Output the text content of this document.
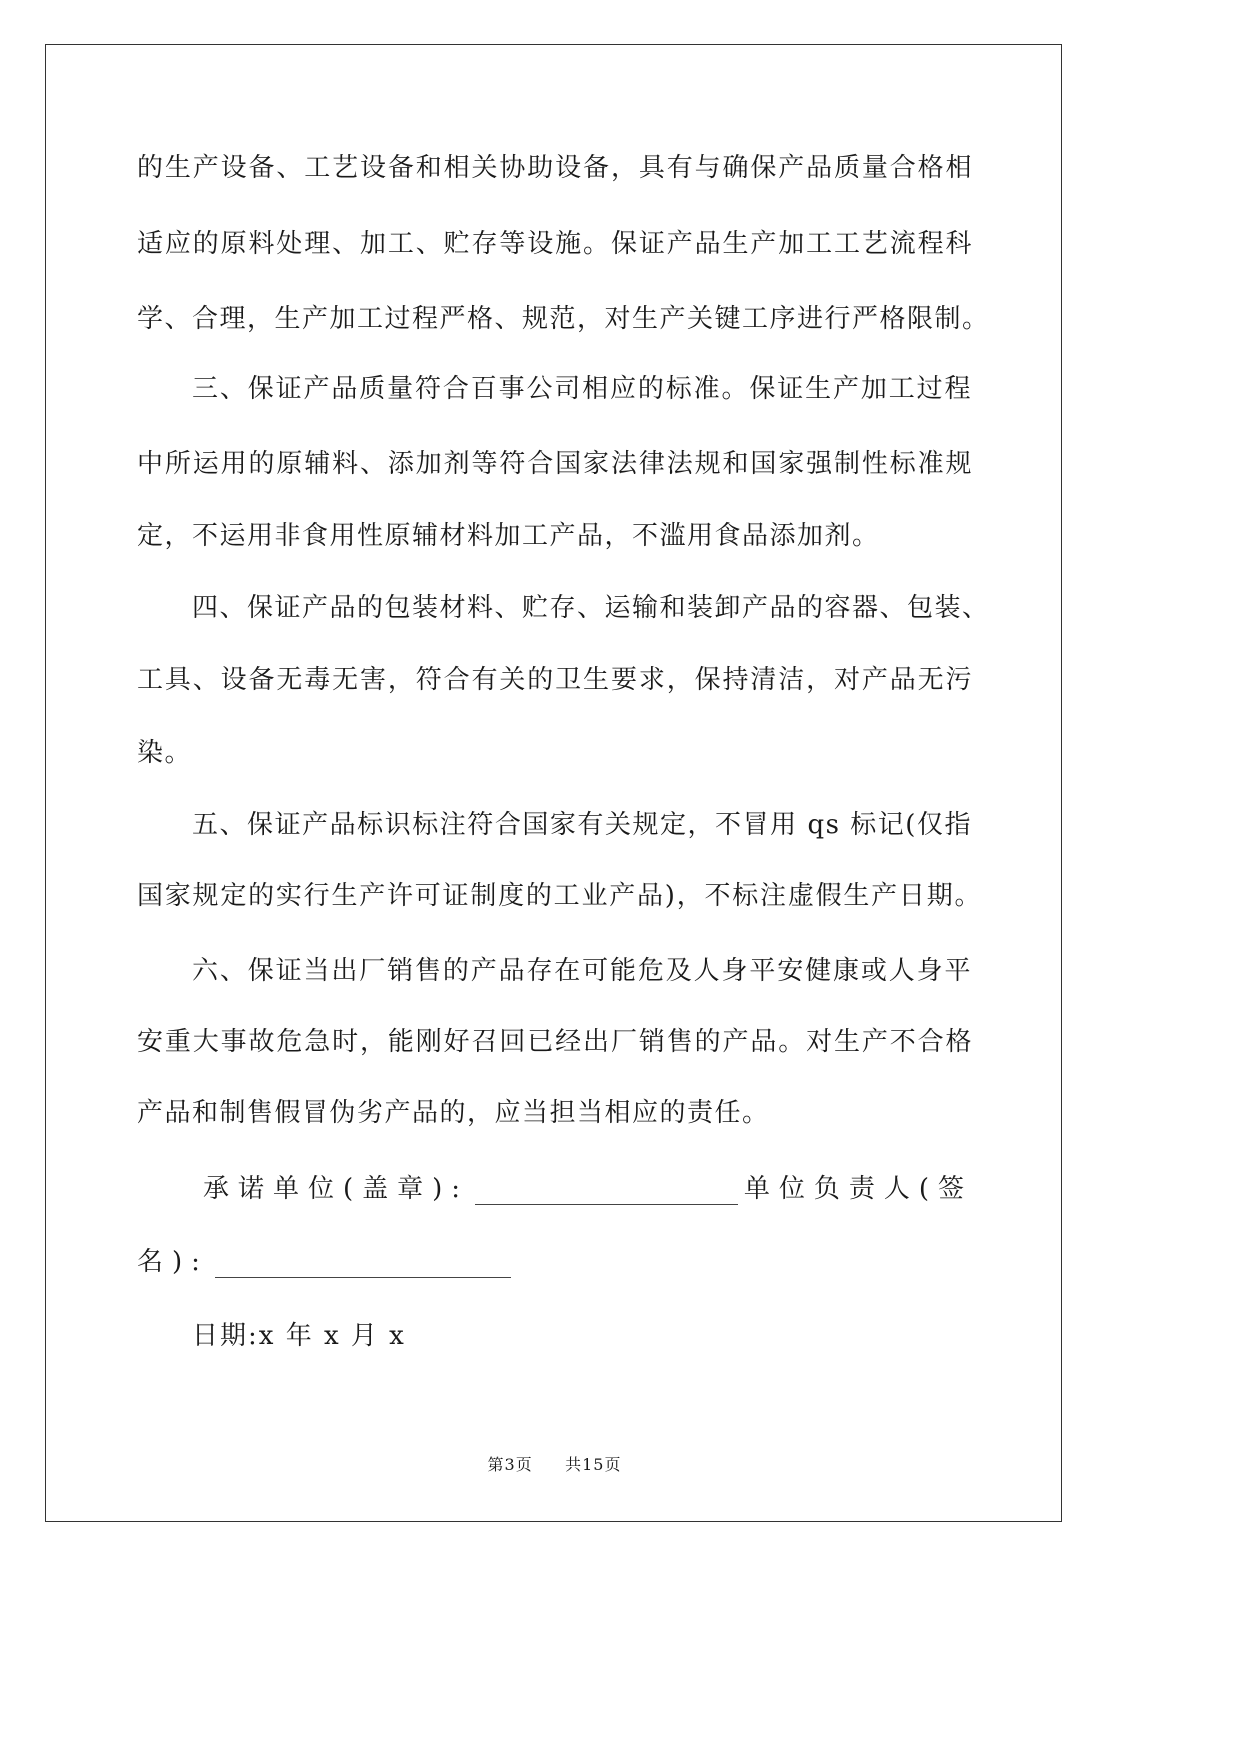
的生产设备、工艺设备和相关协助设备，具有与确保产品质量合格相
适应的原料处理、加工、贮存等设施。保证产品生产加工工艺流程科
学、合理，生产加工过程严格、规范，对生产关键工序进行严格限制。
三、保证产品质量符合百事公司相应的标准。保证生产加工过程
中所运用的原辅料、添加剂等符合国家法律法规和国家强制性标准规
定，不运用非食用性原辅材料加工产品，不滥用食品添加剂。
四、保证产品的包装材料、贮存、运输和装卸产品的容器、包装、
工具、设备无毒无害，符合有关的卫生要求，保持清洁，对产品无污
染。
五、保证产品标识标注符合国家有关规定，不冒用 qs 标记(仅指
国家规定的实行生产许可证制度的工业产品)，不标注虚假生产日期。
六、保证当出厂销售的产品存在可能危及人身平安健康或人身平
安重大事故危急时，能刚好召回已经出厂销售的产品。对生产不合格
产品和制售假冒伪劣产品的，应当担当相应的责任。
承诺单位(盖章):	单位负责人(签
名):
日期:x 年 x 月 x
第3页 共15页
